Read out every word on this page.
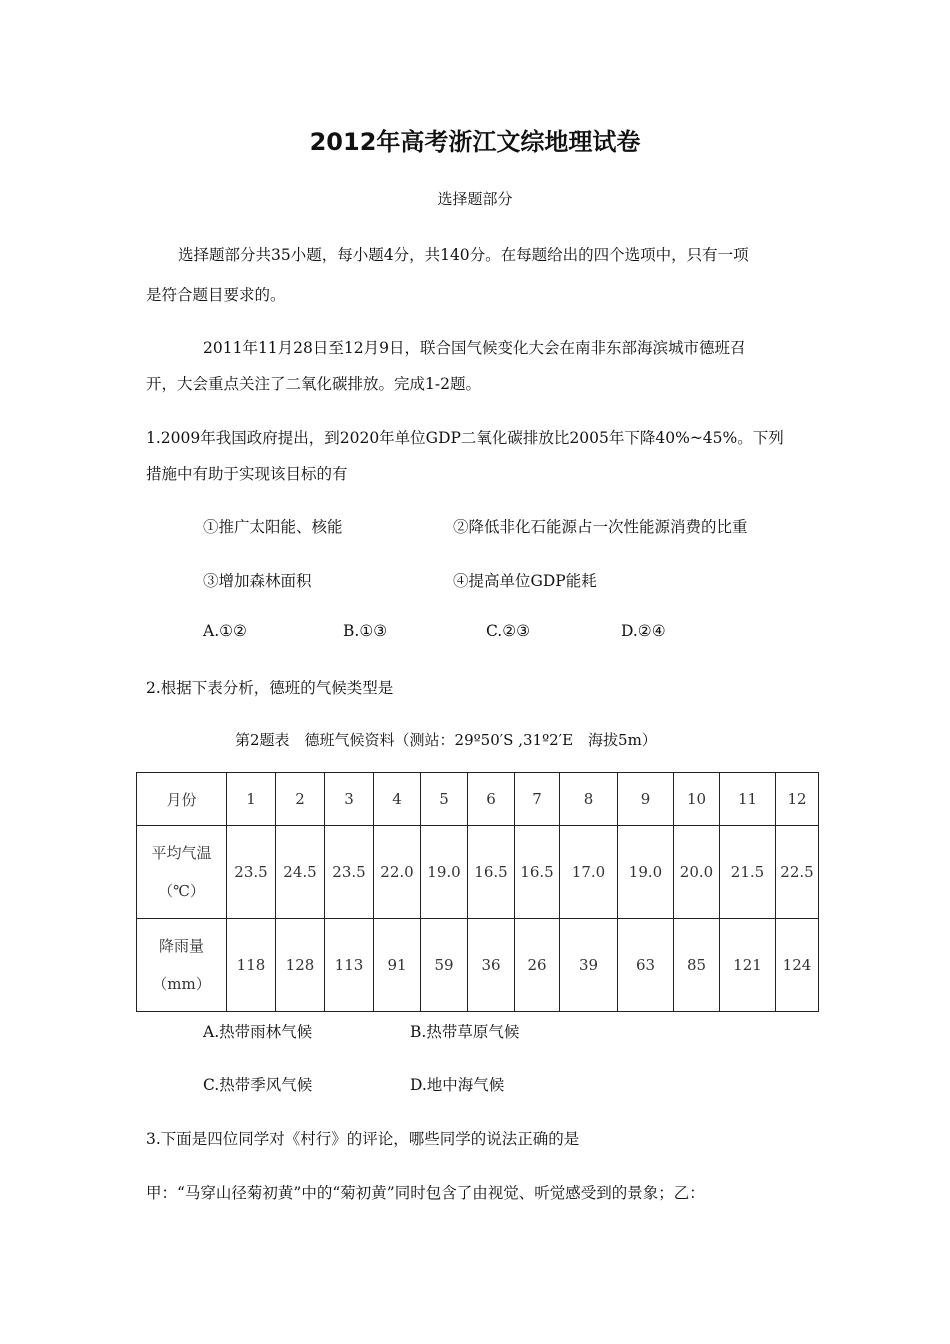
2012年高考浙江文综地理试卷
选择题部分
选择题部分共35小题，每小题4分，共140分。在每题给出的四个选项中，只有一项
是符合题目要求的。
2011年11月28日至12月9日，联合国气候变化大会在南非东部海滨城市德班召
开，大会重点关注了二氧化碳排放。完成1-2题。
1.2009年我国政府提出，到2020年单位GDP二氧化碳排放比2005年下降40%~45%。下列
措施中有助于实现该目标的有
①推广太阳能、核能	②降低非化石能源占一次性能源消费的比重
③增加森林面积	④提高单位GDP能耗
A.①②	B.①③	C.②③	D.②④
2.根据下表分析，德班的气候类型是
第2题表　德班气候资料（测站：29º50′S ,31º2′E　海拔5m）
月份	1	2	3	4	5	6	7	8	9	10	11	12

平均气温
（℃）	23.5	24.5	23.5	22.0	19.0	16.5	16.5	17.0	19.0	20.0	21.5	22.5

降雨量
（mm）	118	128	113	91	59	36	26	39	63	85	121	124
A.热带雨林气候	B.热带草原气候
C.热带季风气候	D.地中海气候
3.下面是四位同学对《村行》的评论，哪些同学的说法正确的是
甲：“马穿山径菊初黄”中的“菊初黄”同时包含了由视觉、听觉感受到的景象；乙：
